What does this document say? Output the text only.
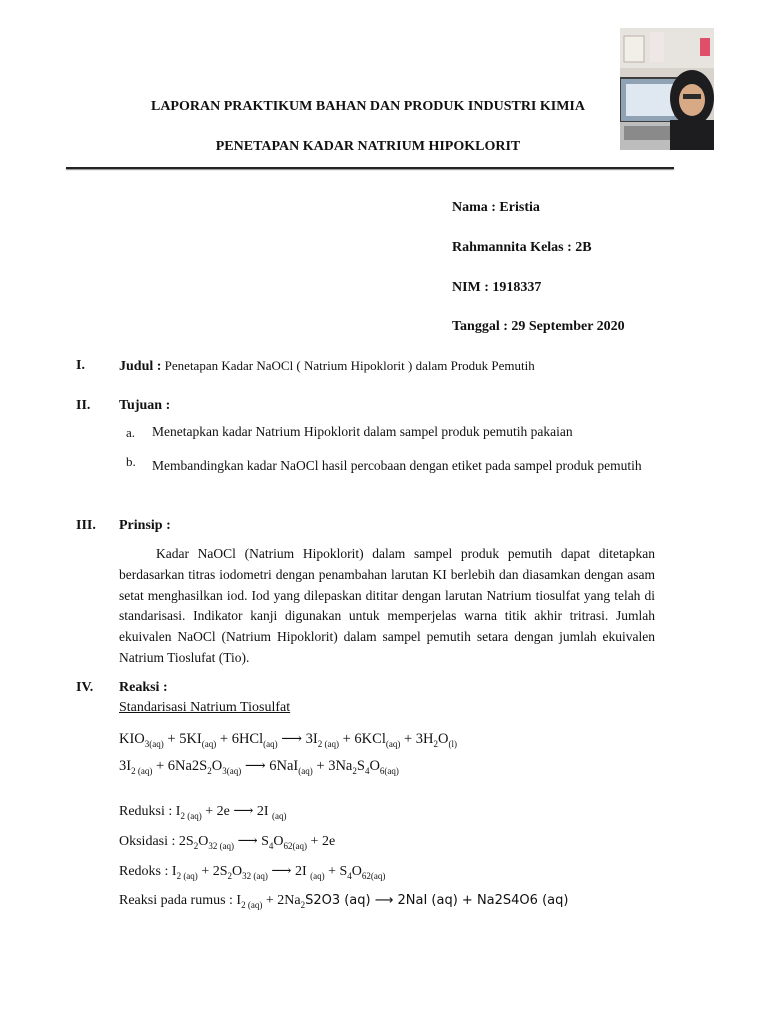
LAPORAN PRAKTIKUM BAHAN DAN PRODUK INDUSTRI KIMIA
PENETAPAN KADAR NATRIUM HIPOKLORIT
Nama : Eristia
Rahmannita Kelas : 2B
NIM : 1918337
Tanggal : 29 September 2020
I. Judul : Penetapan Kadar NaOCl ( Natrium Hipoklorit ) dalam Produk Pemutih
II. Tujuan :
a. Menetapkan kadar Natrium Hipoklorit dalam sampel produk pemutih pakaian
b. Membandingkan kadar NaOCl hasil percobaan dengan etiket pada sampel produk pemutih
III. Prinsip :
Kadar NaOCl (Natrium Hipoklorit) dalam sampel produk pemutih dapat ditetapkan berdasarkan titras iodometri dengan penambahan larutan KI berlebih dan diasamkan dengan asam setat menghasilkan iod. Iod yang dilepaskan dititar dengan larutan Natrium tiosulfat yang telah di standarisasi. Indikator kanji digunakan untuk memperjelas warna titik akhir tritrasi. Jumlah ekuivalen NaOCl (Natrium Hipoklorit) dalam sampel pemutih setara dengan jumlah ekuivalen Natrium Tioslufat (Tio).
IV. Reaksi :
Standarisasi Natrium Tiosulfat
$KIO_{3(aq)} + 5KI_{(aq)} + 6HCl_{(aq)}$ ⟶ $3I_{2 (aq)} + 6KCl_{(aq)} + 3H_2O_{(l)}$
$3I_{2 (aq)} + 6Na2S_2O_{3(aq)}$ ⟶ $6NaI_{(aq)} + 3Na_2S_4O_{6(aq)}$
Reduksi : $I_{2 (aq)} + 2e$ ⟶ 2I $_{(aq)}$
Oksidasi : $2S_2O_{32 (aq)}$ ⟶ $S_4O_{62(aq)} + 2e$
Redoks : $I_{2 (aq)} + 2S_2O_{32 (aq)}$ ⟶ 2I $_{(aq)} + S_4O_{62(aq)}$
Reaksi pada rumus : $I_{2 (aq)} + 2Na_2S2O3$ (aq) ⟶ 2NaI (aq) + Na2S4O6 (aq)
